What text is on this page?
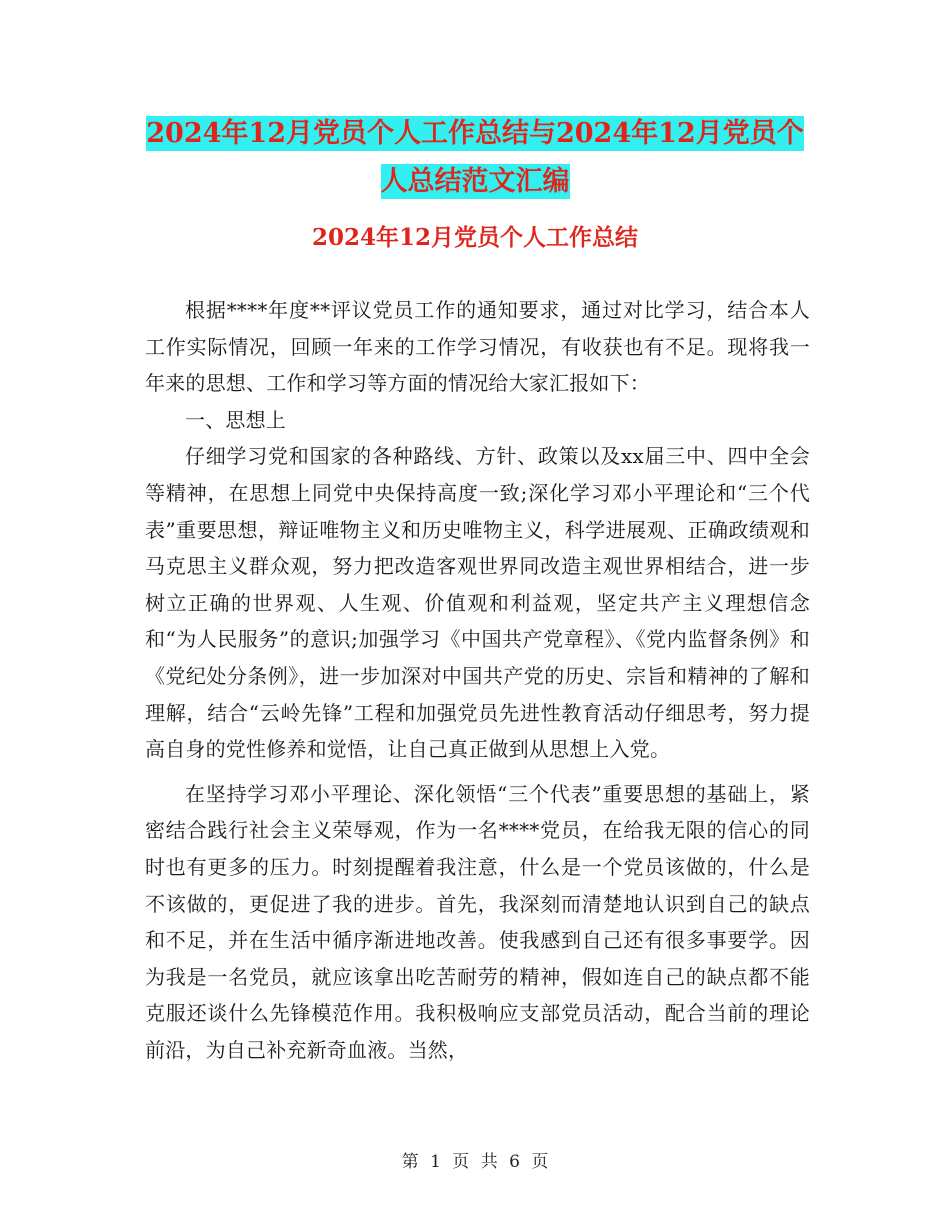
2024年12月党员个人工作总结与2024年12月党员个
人总结范文汇编
2024年12月党员个人工作总结

根据****年度**评议党员工作的通知要求，通过对比学习，结合本人工作实际情况，回顾一年来的工作学习情况，有收获也有不足。现将我一年来的思想、工作和学习等方面的情况给大家汇报如下：

一、思想上

仔细学习党和国家的各种路线、方针、政策以及xx届三中、四中全会等精神，在思想上同党中央保持高度一致;深化学习邓小平理论和“三个代表”重要思想，辩证唯物主义和历史唯物主义，科学进展观、正确政绩观和马克思主义群众观，努力把改造客观世界同改造主观世界相结合，进一步树立正确的世界观、人生观、价值观和利益观，坚定共产主义理想信念和“为人民服务”的意识;加强学习《中国共产党章程》、《党内监督条例》和《党纪处分条例》，进一步加深对中国共产党的历史、宗旨和精神的了解和理解，结合“云岭先锋”工程和加强党员先进性教育活动仔细思考，努力提高自身的党性修养和觉悟，让自己真正做到从思想上入党。

在坚持学习邓小平理论、深化领悟“三个代表”重要思想的基础上，紧密结合践行社会主义荣辱观，作为一名****党员，在给我无限的信心的同时也有更多的压力。时刻提醒着我注意，什么是一个党员该做的，什么是不该做的，更促进了我的进步。首先，我深刻而清楚地认识到自己的缺点和不足，并在生活中循序渐进地改善。使我感到自己还有很多事要学。因为我是一名党员，就应该拿出吃苦耐劳的精神，假如连自己的缺点都不能克服还谈什么先锋模范作用。我积极响应支部党员活动，配合当前的理论前沿，为自己补充新奇血液。当然，

第 1 页 共 6 页
